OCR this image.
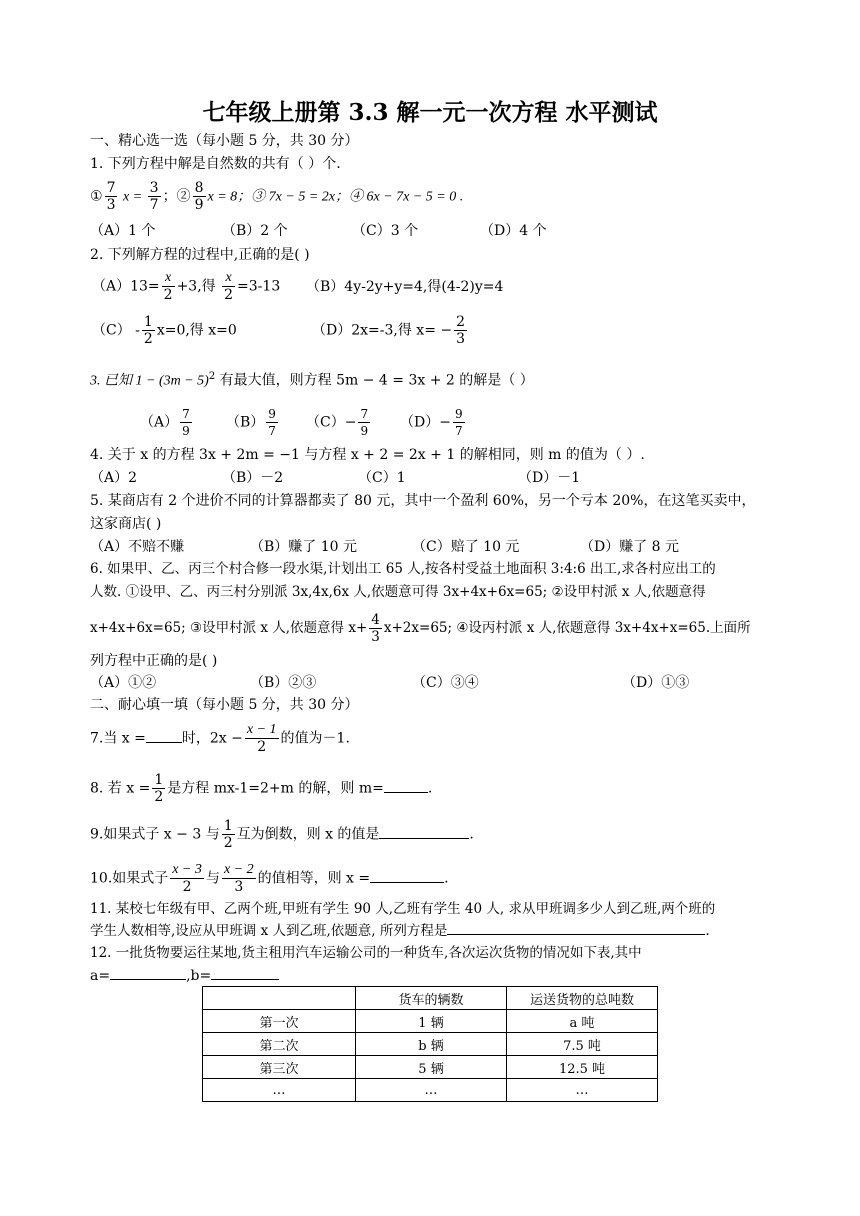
七年级上册第 3.3 解一元一次方程 水平测试
一、精心选一选（每小题 5 分，共 30 分）
1. 下列方程中解是自然数的共有（ ）个.
① $\frac{7}{3}$ $x = \frac{3}{7}$ ；② $\frac{8}{9}$ x = 8；③ 7x − 5 = 2x；④ 6x − 7x − 5 = 0 .
（A）1 个	（B）2 个	（C）3 个	（D）4 个
2. 下列解方程的过程中,正确的是( )
$(A)13= \frac{x}{2} +3$,得 $\frac{x}{2} =3-13$ （B）4y-2y+y=4,得(4-2)y=4
$(C) - \frac{1}{2} x=0$,得 x=0	（D）2x=-3,得 $x= - \frac{2}{3}$
3. 已知 $1 - (3m - 5)^2$ 有最大值，则方程 5m − 4 = 3x + 2 的解是（ ）
$(A) \frac{7}{9} (B) \frac{9}{7} (C)- \frac{7}{9} (D)- \frac{9}{7}$
4. 关于 x 的方程 3x + 2m = −1 与方程 x + 2 = 2x + 1 的解相同，则 m 的值为（ ）.
（A）2	（B）－2	（C）1	（D）－1
5. 某商店有 2 个进价不同的计算器都卖了 80 元，其中一个盈利 60%，另一个亏本 20%，在这笔买卖中，
这家商店( )
（A）不赔不赚	（B）赚了 10 元	（C）赔了 10 元	（D）赚了 8 元
6. 如果甲、乙、丙三个村合修一段水渠,计划出工 65 人,按各村受益土地面积 3:4:6 出工,求各村应出工的
人数. ①设甲、乙、丙三村分别派 3x,4x,6x 人,依题意可得 3x+4x+6x=65; ②设甲村派 x 人,依题意得
x+4x+6x=65; ③设甲村派 x 人,依题意得 $x+ \frac{4}{3} x+2x=65$; ④设丙村派 x 人,依题意得 3x+4x+x=65.上面所
列方程中正确的是( )
（A）①②	（B）②③	（C）③④	（D）①③
二、耐心填一填（每小题 5 分，共 30 分）
7.当 x =	时，$2x - \frac{x - 1}{2}$ 的值为－1.
8. 若 $x = \frac{1}{2}$ 是方程 mx-1=2+m 的解，则 m=	.
9.如果式子 x − 3 与 $\frac{1}{2}$ 互为倒数，则 x 的值是	.
10.如果式子 $\frac{x - 3}{2}$ 与 $\frac{x - 2}{3}$ 的值相等，则 x =	.
11. 某校七年级有甲、乙两个班,甲班有学生 90 人,乙班有学生 40 人, 求从甲班调多少人到乙班,两个班的
学生人数相等,设应从甲班调 x 人到乙班,依题意, 所列方程是	.
12. 一批货物要运往某地,货主租用汽车运输公司的一种货车,各次运次货物的情况如下表,其中
a=	,b=
	货车的辆数	运送货物的总吨数
第一次	1 辆	a 吨
第二次	b 辆	7.5 吨
第三次	5 辆	12.5 吨
…	…	…
